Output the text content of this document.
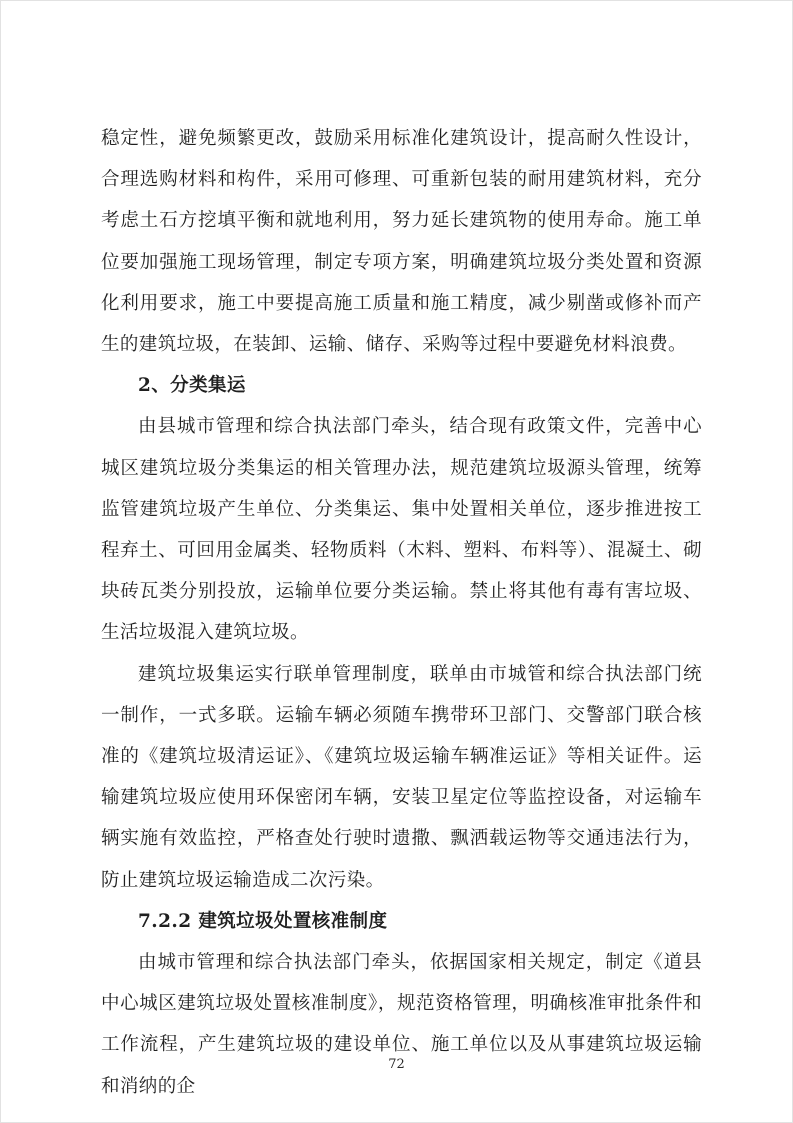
稳定性，避免频繁更改，鼓励采用标准化建筑设计，提高耐久性设计，合理选购材料和构件，采用可修理、可重新包装的耐用建筑材料，充分考虑土石方挖填平衡和就地利用，努力延长建筑物的使用寿命。施工单位要加强施工现场管理，制定专项方案，明确建筑垃圾分类处置和资源化利用要求，施工中要提高施工质量和施工精度，减少剔凿或修补而产生的建筑垃圾，在装卸、运输、储存、采购等过程中要避免材料浪费。

2、分类集运

由县城市管理和综合执法部门牵头，结合现有政策文件，完善中心城区建筑垃圾分类集运的相关管理办法，规范建筑垃圾源头管理，统筹监管建筑垃圾产生单位、分类集运、集中处置相关单位，逐步推进按工程弃土、可回用金属类、轻物质料（木料、塑料、布料等）、混凝土、砌块砖瓦类分别投放，运输单位要分类运输。禁止将其他有毒有害垃圾、生活垃圾混入建筑垃圾。

建筑垃圾集运实行联单管理制度，联单由市城管和综合执法部门统一制作，一式多联。运输车辆必须随车携带环卫部门、交警部门联合核准的《建筑垃圾清运证》、《建筑垃圾运输车辆准运证》等相关证件。运输建筑垃圾应使用环保密闭车辆，安装卫星定位等监控设备，对运输车辆实施有效监控，严格查处行驶时遗撒、飘洒载运物等交通违法行为，防止建筑垃圾运输造成二次污染。

7.2.2 建筑垃圾处置核准制度

由城市管理和综合执法部门牵头，依据国家相关规定，制定《道县中心城区建筑垃圾处置核准制度》，规范资格管理，明确核准审批条件和工作流程，产生建筑垃圾的建设单位、施工单位以及从事建筑垃圾运输和消纳的企

72
